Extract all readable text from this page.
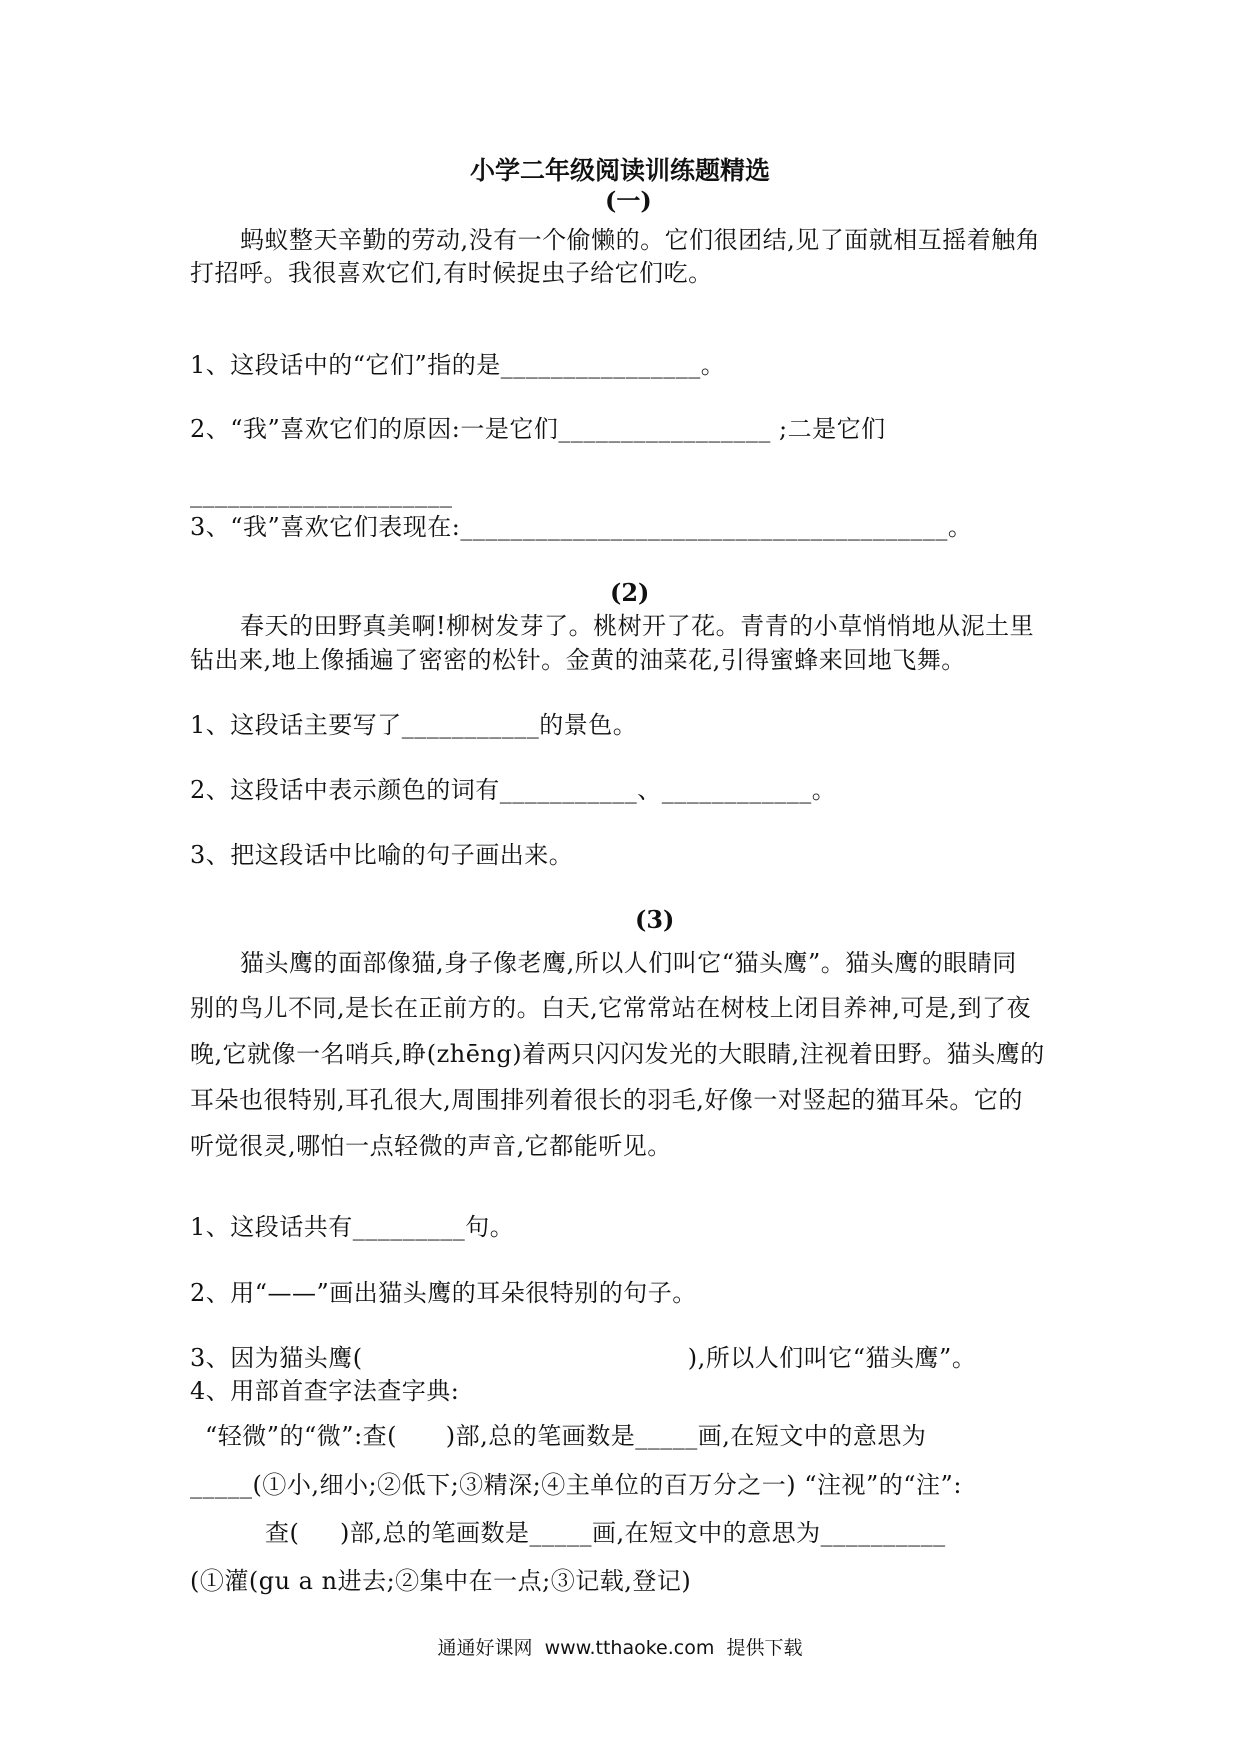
小学二年级阅读训练题精选
(一)
蚂蚁整天辛勤的劳动,没有一个偷懒的。它们很团结,见了面就相互摇着触角
打招呼。我很喜欢它们,有时候捉虫子给它们吃。
1、这段话中的“它们”指的是________________。
2、“我”喜欢它们的原因:一是它们_________________ ;二是它们
_____________________
3、“我”喜欢它们表现在:_______________________________________。
(2)
春天的田野真美啊!柳树发芽了。桃树开了花。青青的小草悄悄地从泥土里
钻出来,地上像插遍了密密的松针。金黄的油菜花,引得蜜蜂来回地飞舞。
1、这段话主要写了___________的景色。
2、这段话中表示颜色的词有___________、____________。
3、把这段话中比喻的句子画出来。
(3)
猫头鹰的面部像猫,身子像老鹰,所以人们叫它“猫头鹰”。猫头鹰的眼睛同
别的鸟儿不同,是长在正前方的。白天,它常常站在树枝上闭目养神,可是,到了夜
晚,它就像一名哨兵,睁(zhēng)着两只闪闪发光的大眼睛,注视着田野。猫头鹰的
耳朵也很特别,耳孔很大,周围排列着很长的羽毛,好像一对竖起的猫耳朵。它的
听觉很灵,哪怕一点轻微的声音,它都能听见。
1、这段话共有_________句。
2、用“——”画出猫头鹰的耳朵很特别的句子。
3、因为猫头鹰(                                        ),所以人们叫它“猫头鹰”。
4、用部首查字法查字典:
“轻微”的“微”:查(      )部,总的笔画数是_____画,在短文中的意思为
_____(①小,细小;②低下;③精深;④主单位的百万分之一) “注视”的“注”:
查(     )部,总的笔画数是_____画,在短文中的意思为__________
(①灌(gu a n进去;②集中在一点;③记载,登记)
通通好课网  www.tthaoke.com  提供下载
